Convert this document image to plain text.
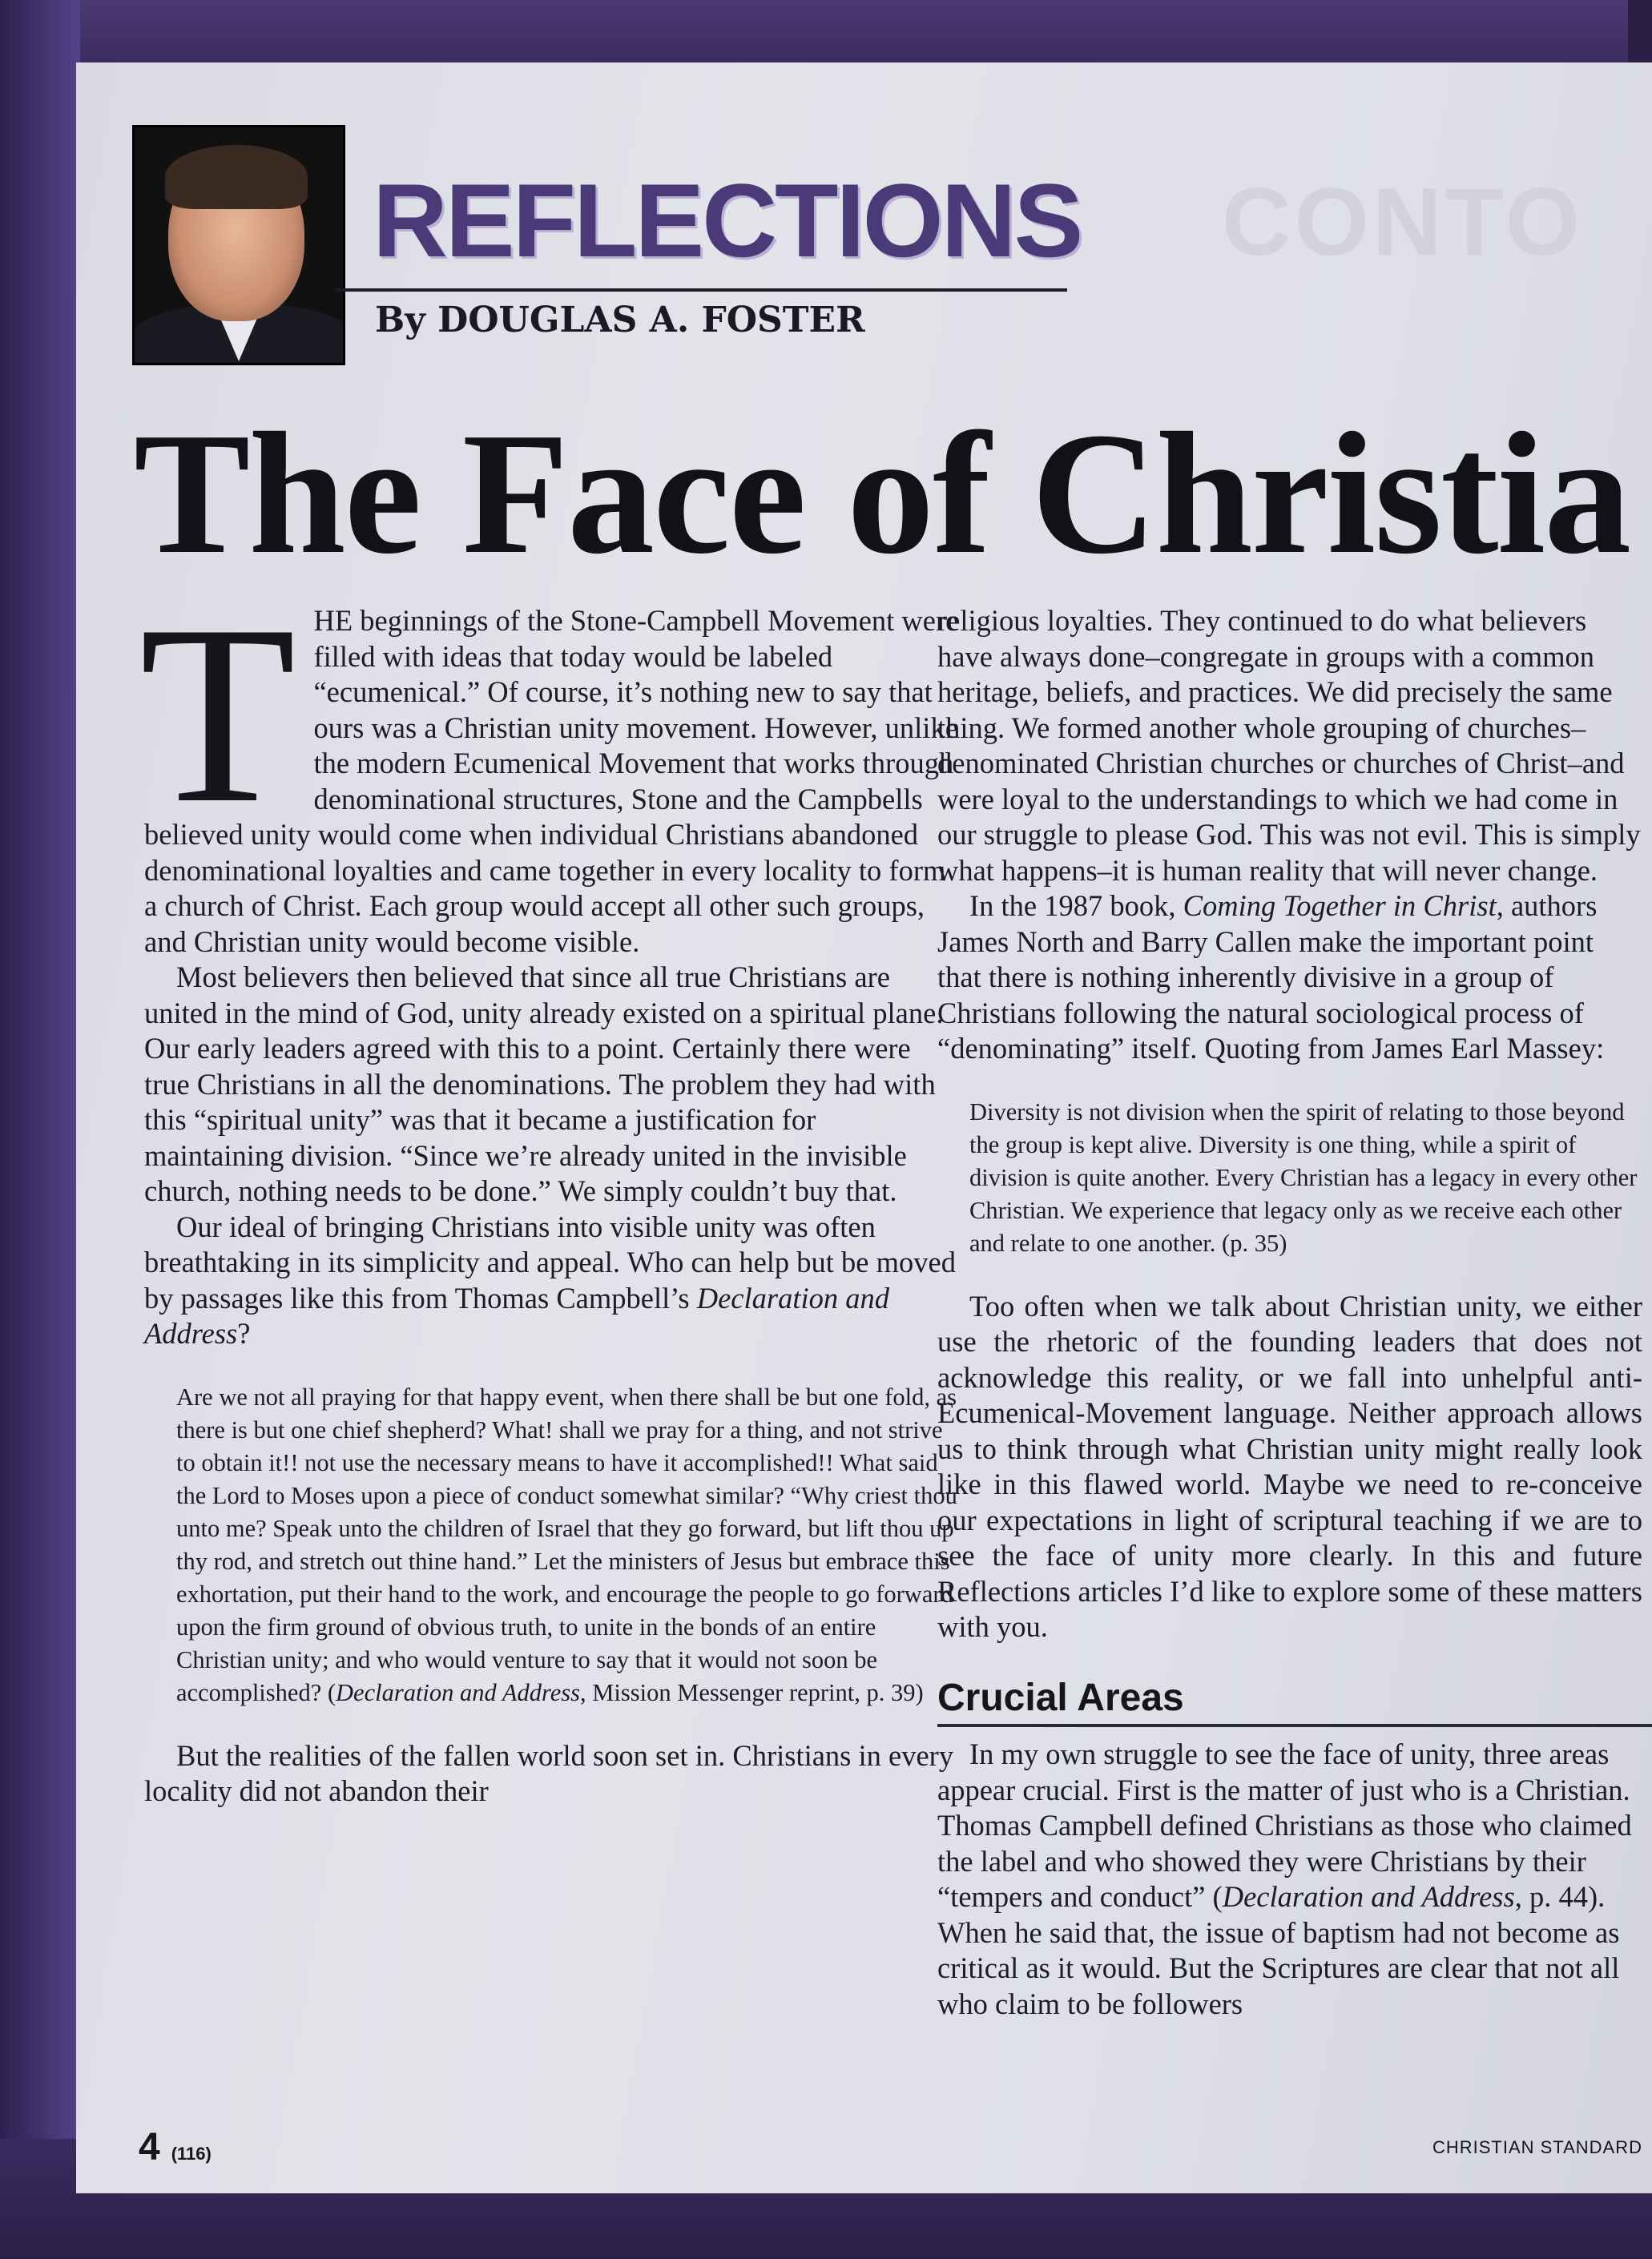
CONTO
REFLECTIONS
By DOUGLAS A. FOSTER
The Face of Christia

THE beginnings of the Stone-Campbell Movement were filled with ideas that today would be labeled “ecumenical.” Of course, it’s nothing new to say that ours was a Christian unity movement. However, unlike the modern Ecumenical Movement that works through denominational structures, Stone and the Campbells believed unity would come when individual Christians abandoned denominational loyalties and came together in every locality to form a church of Christ. Each group would accept all other such groups, and Christian unity would become visible.

Most believers then believed that since all true Christians are united in the mind of God, unity already existed on a spiritual plane. Our early leaders agreed with this to a point. Certainly there were true Christians in all the denominations. The problem they had with this “spiritual unity” was that it became a justification for maintaining division. “Since we’re already united in the invisible church, nothing needs to be done.” We simply couldn’t buy that.

Our ideal of bringing Christians into visible unity was often breathtaking in its simplicity and appeal. Who can help but be moved by passages like this from Thomas Campbell’s Declaration and Address?

Are we not all praying for that happy event, when there shall be but one fold, as there is but one chief shepherd? What! shall we pray for a thing, and not strive to obtain it!! not use the necessary means to have it accomplished!! What said the Lord to Moses upon a piece of conduct somewhat similar? “Why criest thou unto me? Speak unto the children of Israel that they go forward, but lift thou up thy rod, and stretch out thine hand.” Let the ministers of Jesus but embrace this exhortation, put their hand to the work, and encourage the people to go forward upon the firm ground of obvious truth, to unite in the bonds of an entire Christian unity; and who would venture to say that it would not soon be accomplished? (Declaration and Address, Mission Messenger reprint, p. 39)

But the realities of the fallen world soon set in. Christians in every locality did not abandon their

religious loyalties. They continued to do what believers have always done–congregate in groups with a common heritage, beliefs, and practices. We did precisely the same thing. We formed another whole grouping of churches–denominated Christian churches or churches of Christ–and were loyal to the understandings to which we had come in our struggle to please God. This was not evil. This is simply what happens–it is human reality that will never change.

In the 1987 book, Coming Together in Christ, authors James North and Barry Callen make the important point that there is nothing inherently divisive in a group of Christians following the natural sociological process of “denominating” itself. Quoting from James Earl Massey:

Diversity is not division when the spirit of relating to those beyond the group is kept alive. Diversity is one thing, while a spirit of division is quite another. Every Christian has a legacy in every other Christian. We experience that legacy only as we receive each other and relate to one another. (p. 35)

Too often when we talk about Christian unity, we either use the rhetoric of the founding leaders that does not acknowledge this reality, or we fall into unhelpful anti-Ecumenical-Movement language. Neither approach allows us to think through what Christian unity might really look like in this flawed world. Maybe we need to re-conceive our expectations in light of scriptural teaching if we are to see the face of unity more clearly. In this and future Reflections articles I’d like to explore some of these matters with you.

Crucial Areas

In my own struggle to see the face of unity, three areas appear crucial. First is the matter of just who is a Christian. Thomas Campbell defined Christians as those who claimed the label and who showed they were Christians by their “tempers and conduct” (Declaration and Address, p. 44). When he said that, the issue of baptism had not become as critical as it would. But the Scriptures are clear that not all who claim to be followers

4 (116)	CHRISTIAN STANDARD
